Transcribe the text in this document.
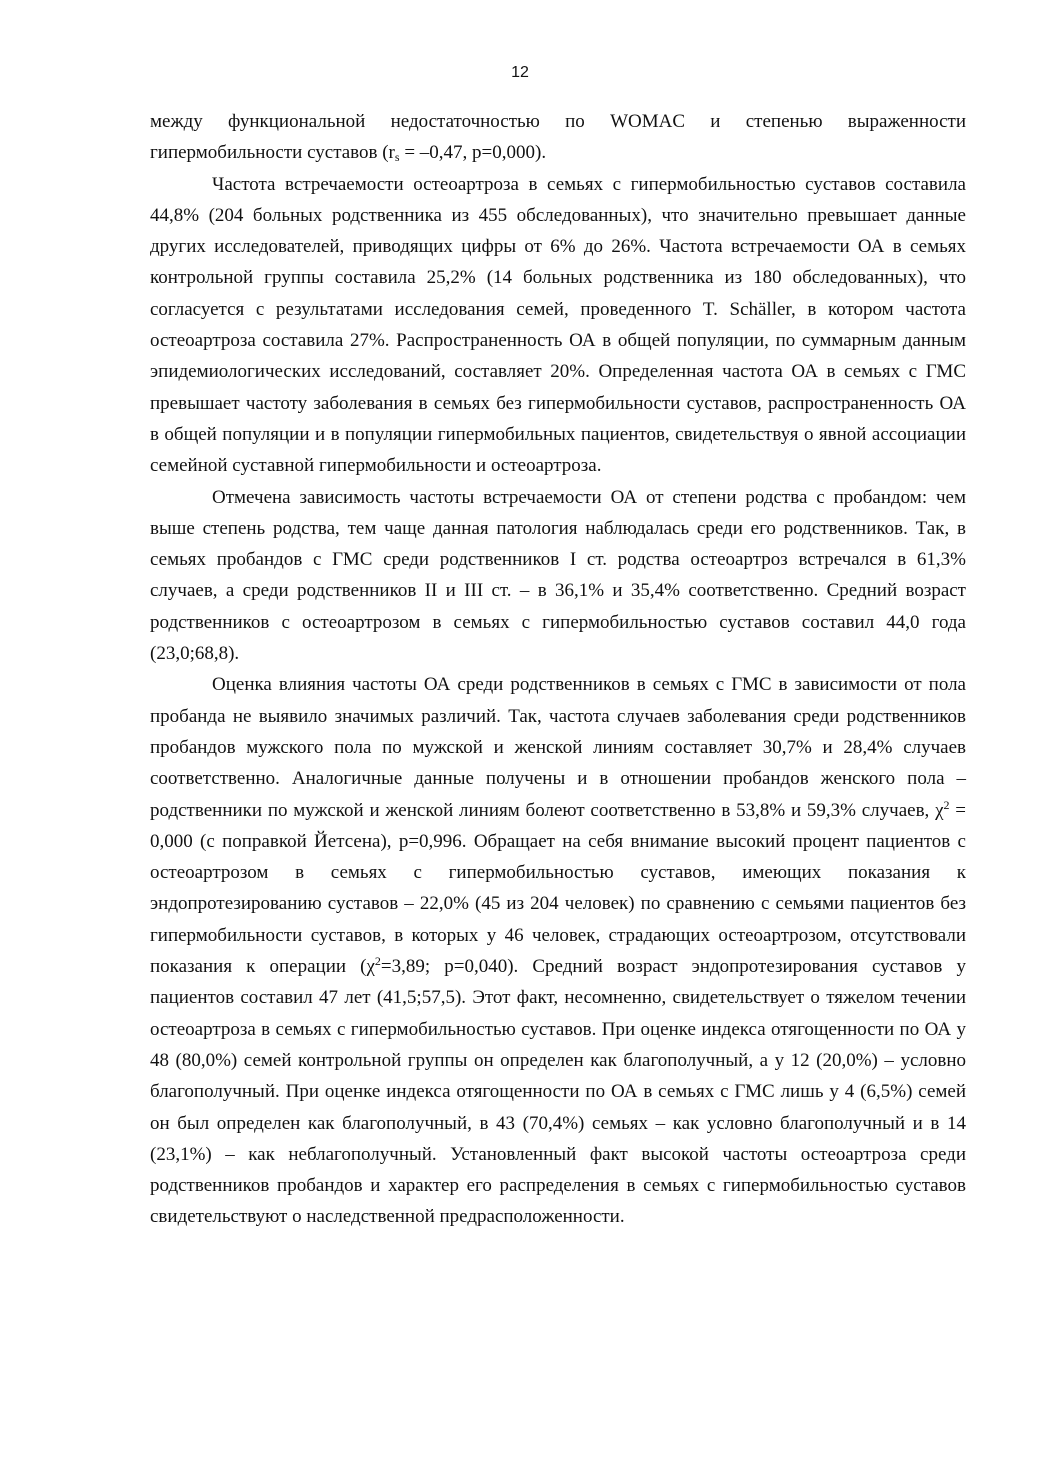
12

между функциональной недостаточностью по WOMAC и степенью выраженности гипермобильности суставов ($r_s = -0,47$, p=0,000).

Частота встречаемости остеоартроза в семьях с гипермобильностью суставов составила 44,8% (204 больных родственника из 455 обследованных), что значительно превышает данные других исследователей, приводящих цифры от 6% до 26%. Частота встречаемости ОА в семьях контрольной группы составила 25,2% (14 больных родственника из 180 обследованных), что согласуется с результатами исследования семей, проведенного T. Schäller, в котором частота остеоартроза составила 27%. Распространенность ОА в общей популяции, по суммарным данным эпидемиологических исследований, составляет 20%. Определенная частота ОА в семьях с ГМС превышает частоту заболевания в семьях без гипермобильности суставов, распространенность ОА в общей популяции и в популяции гипермобильных пациентов, свидетельствуя о явной ассоциации семейной суставной гипермобильности и остеоартроза.

Отмечена зависимость частоты встречаемости ОА от степени родства с пробандом: чем выше степень родства, тем чаще данная патология наблюдалась среди его родственников. Так, в семьях пробандов с ГМС среди родственников I ст. родства остеоартроз встречался в 61,3% случаев, а среди родственников II и III ст. – в 36,1% и 35,4% соответственно. Средний возраст родственников с остеоартрозом в семьях с гипермобильностью суставов составил 44,0 года (23,0;68,8).

Оценка влияния частоты ОА среди родственников в семьях с ГМС в зависимости от пола пробанда не выявило значимых различий. Так, частота случаев заболевания среди родственников пробандов мужского пола по мужской и женской линиям составляет 30,7% и 28,4% случаев соответственно. Аналогичные данные получены и в отношении пробандов женского пола – родственники по мужской и женской линиям болеют соответственно в 53,8% и 59,3% случаев, $\chi^2 = 0,000$ (с поправкой Йетсена), p=0,996. Обращает на себя внимание высокий процент пациентов с остеоартрозом в семьях с гипермобильностью суставов, имеющих показания к эндопротезированию суставов – 22,0% (45 из 204 человек) по сравнению с семьями пациентов без гипермобильности суставов, в которых у 46 человек, страдающих остеоартрозом, отсутствовали показания к операции ($\chi^2=3,89$; p=0,040). Средний возраст эндопротезирования суставов у пациентов составил 47 лет (41,5;57,5). Этот факт, несомненно, свидетельствует о тяжелом течении остеоартроза в семьях с гипермобильностью суставов. При оценке индекса отягощенности по ОА у 48 (80,0%) семей контрольной группы он определен как благополучный, а у 12 (20,0%) – условно благополучный. При оценке индекса отягощенности по ОА в семьях с ГМС лишь у 4 (6,5%) семей он был определен как благополучный, в 43 (70,4%) семьях – как условно благополучный и в 14 (23,1%) – как неблагополучный. Установленный факт высокой частоты остеоартроза среди родственников пробандов и характер его распределения в семьях с гипермобильностью суставов свидетельствуют о наследственной предрасположенности.
